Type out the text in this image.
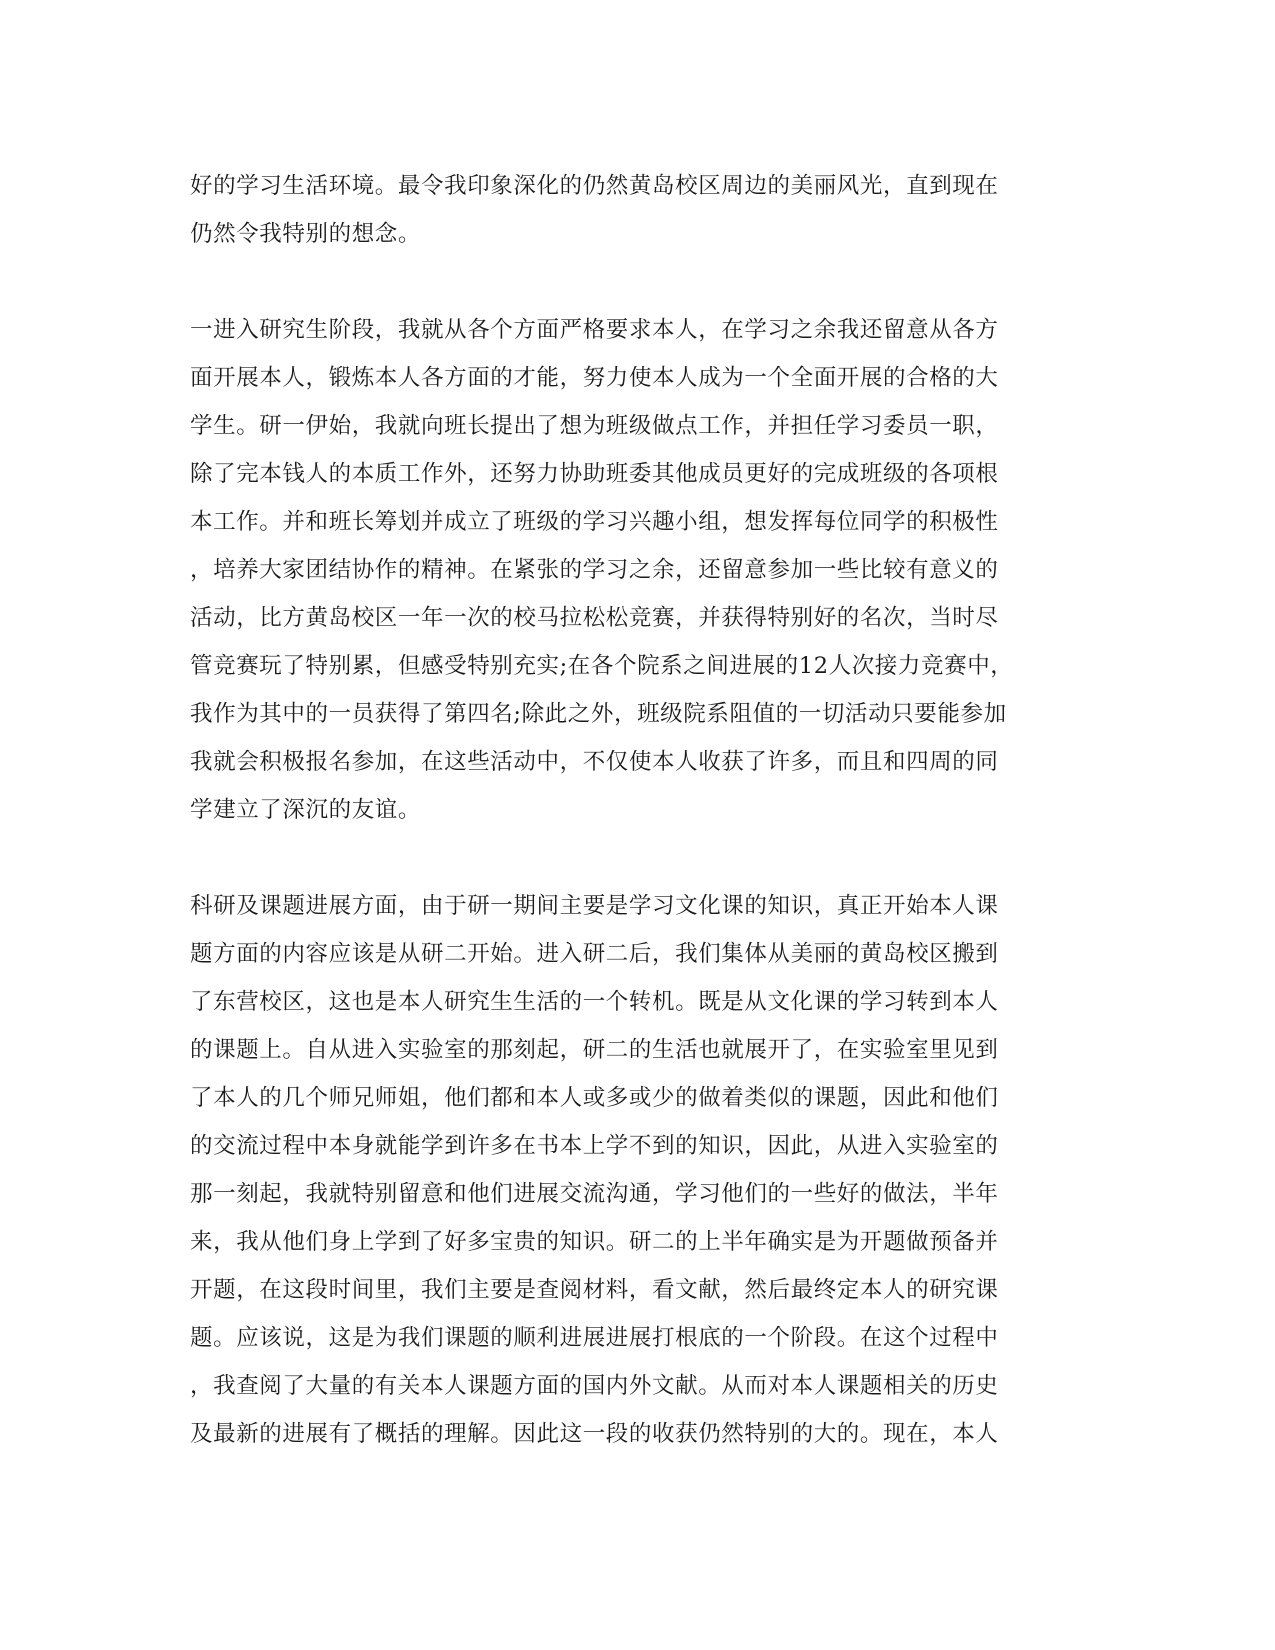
好的学习生活环境。最令我印象深化的仍然黄岛校区周边的美丽风光，直到现在
仍然令我特别的想念。

一进入研究生阶段，我就从各个方面严格要求本人，在学习之余我还留意从各方
面开展本人，锻炼本人各方面的才能，努力使本人成为一个全面开展的合格的大
学生。研一伊始，我就向班长提出了想为班级做点工作，并担任学习委员一职，
除了完本钱人的本质工作外，还努力协助班委其他成员更好的完成班级的各项根
本工作。并和班长筹划并成立了班级的学习兴趣小组，想发挥每位同学的积极性
，培养大家团结协作的精神。在紧张的学习之余，还留意参加一些比较有意义的
活动，比方黄岛校区一年一次的校马拉松松竞赛，并获得特别好的名次，当时尽
管竞赛玩了特别累，但感受特别充实;在各个院系之间进展的12人次接力竞赛中，
我作为其中的一员获得了第四名;除此之外，班级院系阻值的一切活动只要能参加
我就会积极报名参加，在这些活动中，不仅使本人收获了许多，而且和四周的同
学建立了深沉的友谊。

科研及课题进展方面，由于研一期间主要是学习文化课的知识，真正开始本人课
题方面的内容应该是从研二开始。进入研二后，我们集体从美丽的黄岛校区搬到
了东营校区，这也是本人研究生生活的一个转机。既是从文化课的学习转到本人
的课题上。自从进入实验室的那刻起，研二的生活也就展开了，在实验室里见到
了本人的几个师兄师姐，他们都和本人或多或少的做着类似的课题，因此和他们
的交流过程中本身就能学到许多在书本上学不到的知识，因此，从进入实验室的
那一刻起，我就特别留意和他们进展交流沟通，学习他们的一些好的做法，半年
来，我从他们身上学到了好多宝贵的知识。研二的上半年确实是为开题做预备并
开题，在这段时间里，我们主要是查阅材料，看文献，然后最终定本人的研究课
题。应该说，这是为我们课题的顺利进展进展打根底的一个阶段。在这个过程中
，我查阅了大量的有关本人课题方面的国内外文献。从而对本人课题相关的历史
及最新的进展有了概括的理解。因此这一段的收获仍然特别的大的。现在，本人
